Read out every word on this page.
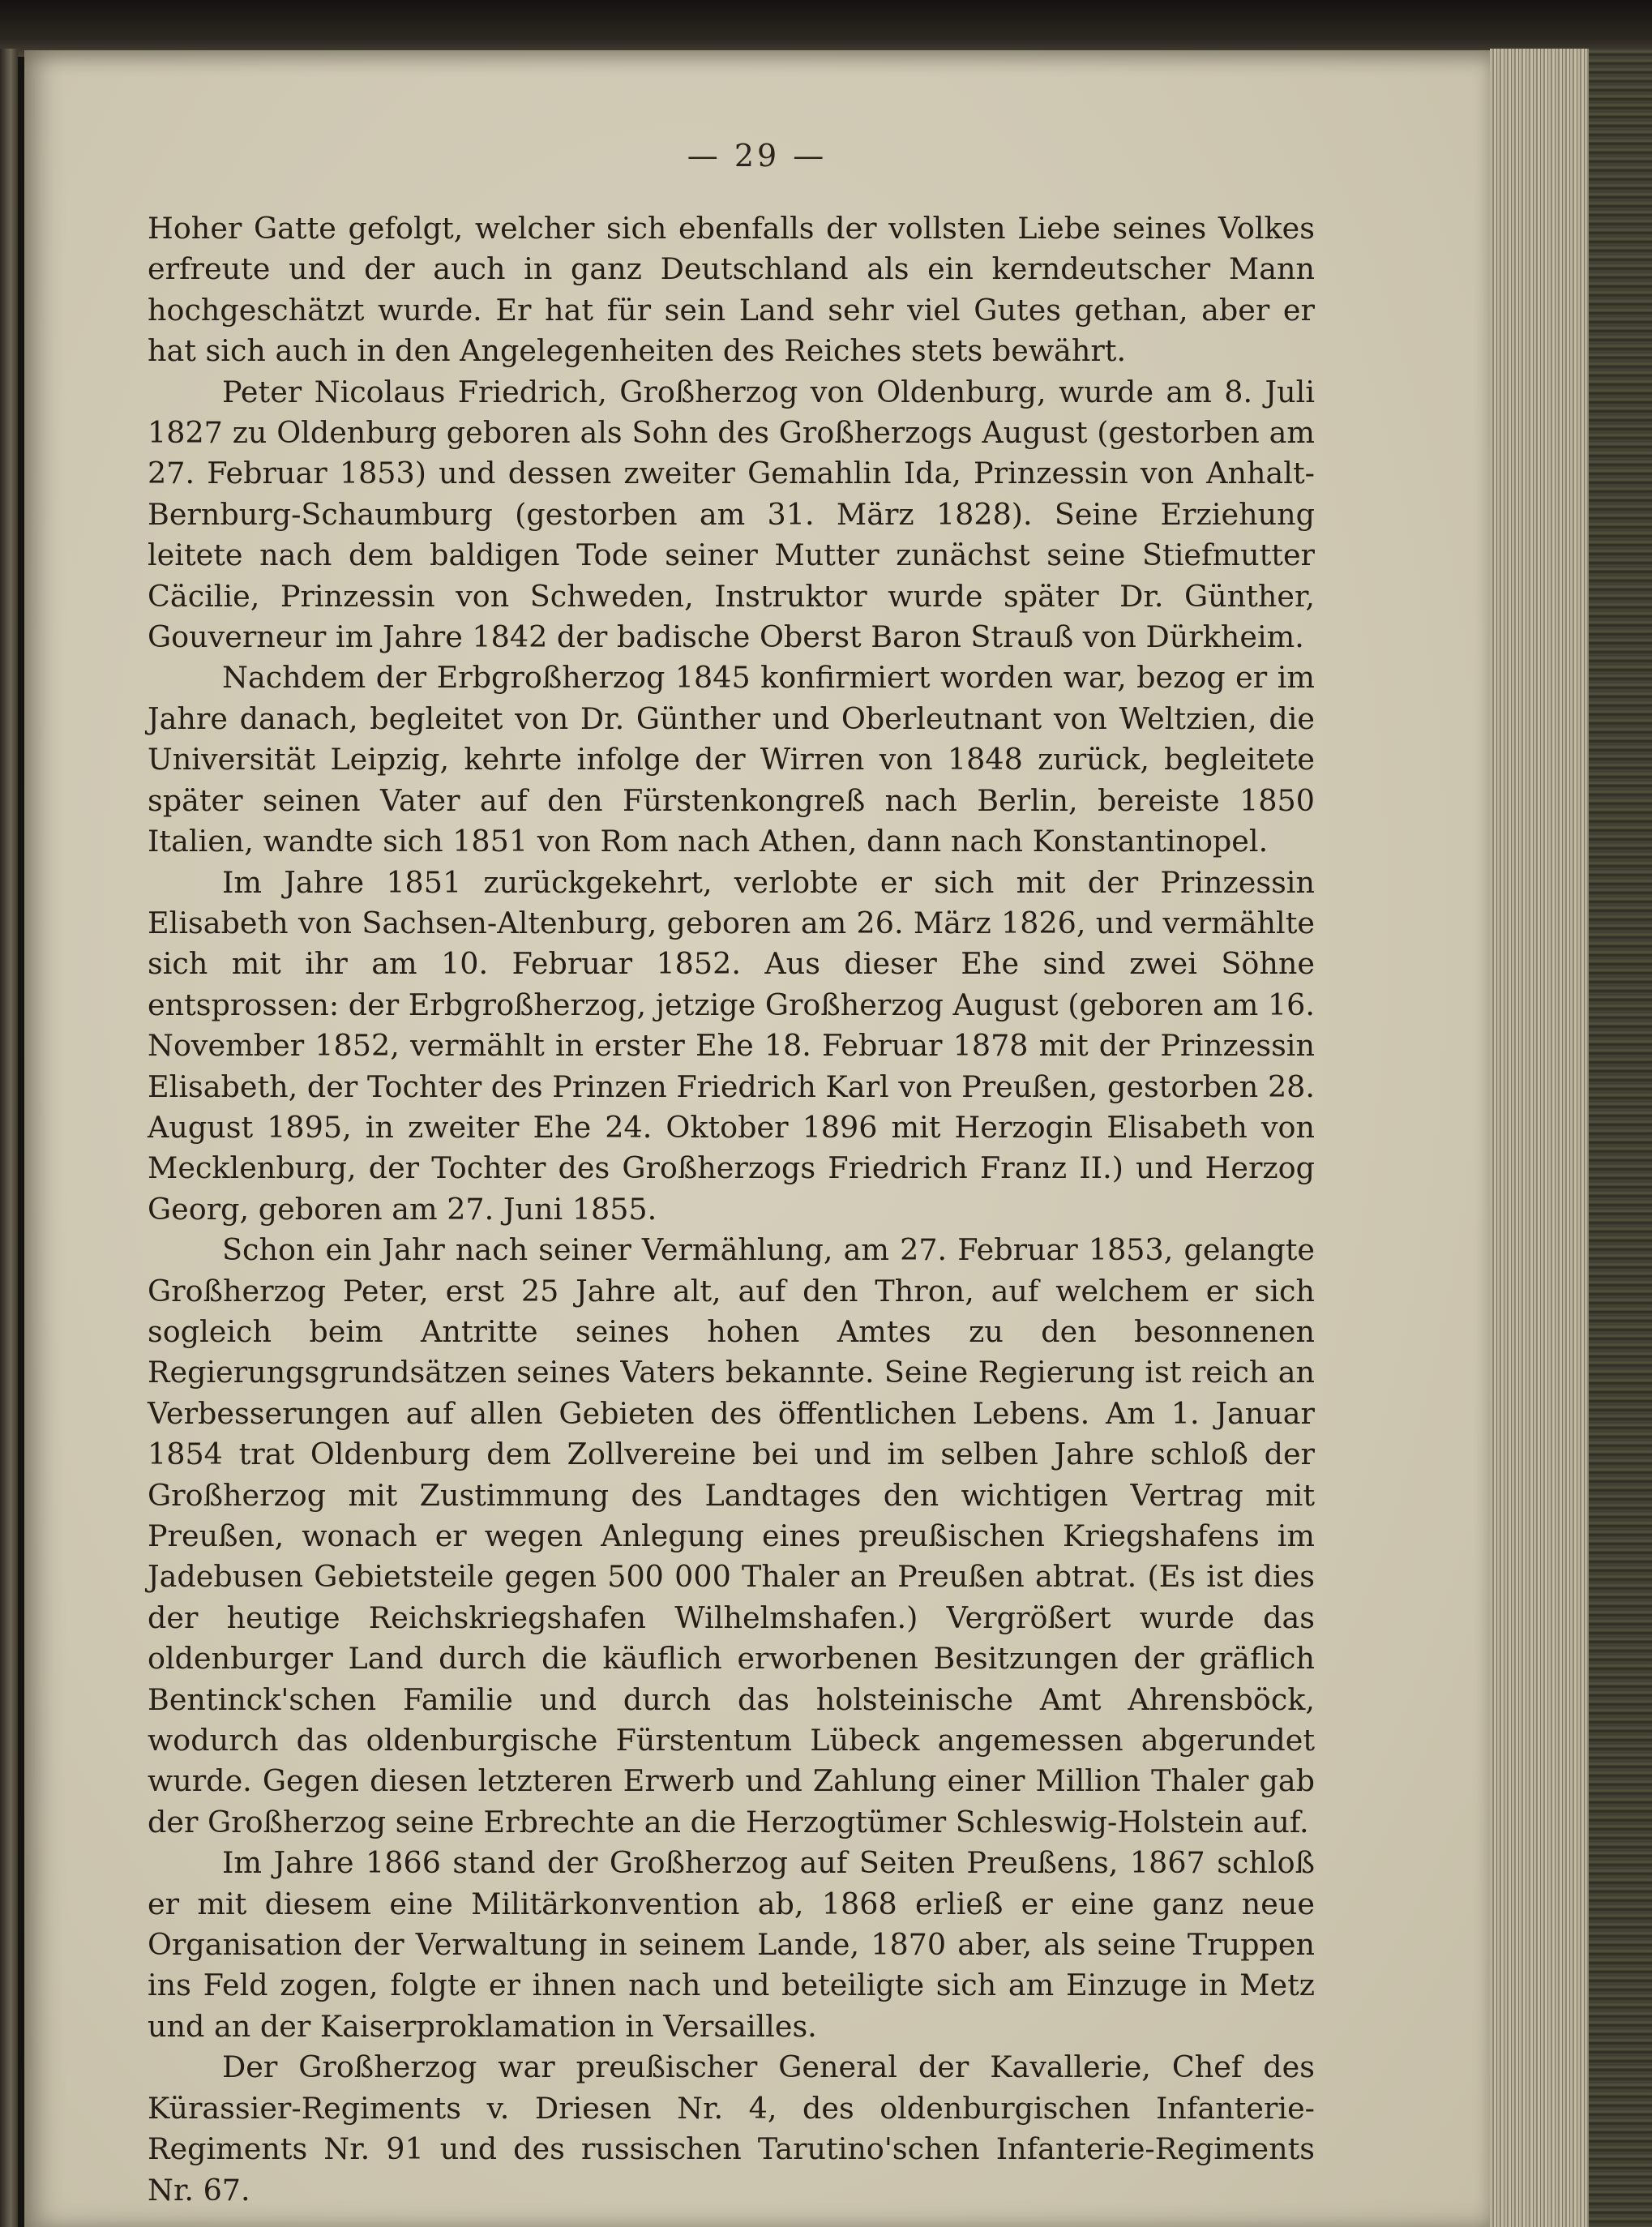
— 29 —

Hoher Gatte gefolgt, welcher sich ebenfalls der vollsten Liebe seines Volkes erfreute und der auch in ganz Deutschland als ein kerndeutscher Mann hochgeschätzt wurde. Er hat für sein Land sehr viel Gutes gethan, aber er hat sich auch in den Angelegenheiten des Reiches stets bewährt.

Peter Nicolaus Friedrich, Großherzog von Oldenburg, wurde am 8. Juli 1827 zu Oldenburg geboren als Sohn des Großherzogs August (gestorben am 27. Februar 1853) und dessen zweiter Gemahlin Ida, Prinzessin von Anhalt-Bernburg-Schaumburg (gestorben am 31. März 1828). Seine Erziehung leitete nach dem baldigen Tode seiner Mutter zunächst seine Stiefmutter Cäcilie, Prinzessin von Schweden, Instruktor wurde später Dr. Günther, Gouverneur im Jahre 1842 der badische Oberst Baron Strauß von Dürkheim.

Nachdem der Erbgroßherzog 1845 konfirmiert worden war, bezog er im Jahre danach, begleitet von Dr. Günther und Oberleutnant von Weltzien, die Universität Leipzig, kehrte infolge der Wirren von 1848 zurück, begleitete später seinen Vater auf den Fürstenkongreß nach Berlin, bereiste 1850 Italien, wandte sich 1851 von Rom nach Athen, dann nach Konstantinopel.

Im Jahre 1851 zurückgekehrt, verlobte er sich mit der Prinzessin Elisabeth von Sachsen-Altenburg, geboren am 26. März 1826, und vermählte sich mit ihr am 10. Februar 1852. Aus dieser Ehe sind zwei Söhne entsprossen: der Erbgroßherzog, jetzige Großherzog August (geboren am 16. November 1852, vermählt in erster Ehe 18. Februar 1878 mit der Prinzessin Elisabeth, der Tochter des Prinzen Friedrich Karl von Preußen, gestorben 28. August 1895, in zweiter Ehe 24. Oktober 1896 mit Herzogin Elisabeth von Mecklenburg, der Tochter des Großherzogs Friedrich Franz II.) und Herzog Georg, geboren am 27. Juni 1855.

Schon ein Jahr nach seiner Vermählung, am 27. Februar 1853, gelangte Großherzog Peter, erst 25 Jahre alt, auf den Thron, auf welchem er sich sogleich beim Antritte seines hohen Amtes zu den besonnenen Regierungsgrundsätzen seines Vaters bekannte. Seine Regierung ist reich an Verbesserungen auf allen Gebieten des öffentlichen Lebens. Am 1. Januar 1854 trat Oldenburg dem Zollvereine bei und im selben Jahre schloß der Großherzog mit Zustimmung des Landtages den wichtigen Vertrag mit Preußen, wonach er wegen Anlegung eines preußischen Kriegshafens im Jadebusen Gebietsteile gegen 500 000 Thaler an Preußen abtrat. (Es ist dies der heutige Reichskriegshafen Wilhelmshafen.) Vergrößert wurde das oldenburger Land durch die käuflich erworbenen Besitzungen der gräflich Bentinck'schen Familie und durch das holsteinische Amt Ahrensböck, wodurch das oldenburgische Fürstentum Lübeck angemessen abgerundet wurde. Gegen diesen letzteren Erwerb und Zahlung einer Million Thaler gab der Großherzog seine Erbrechte an die Herzogtümer Schleswig-Holstein auf.

Im Jahre 1866 stand der Großherzog auf Seiten Preußens, 1867 schloß er mit diesem eine Militärkonvention ab, 1868 erließ er eine ganz neue Organisation der Verwaltung in seinem Lande, 1870 aber, als seine Truppen ins Feld zogen, folgte er ihnen nach und beteiligte sich am Einzuge in Metz und an der Kaiserproklamation in Versailles.

Der Großherzog war preußischer General der Kavallerie, Chef des Kürassier-Regiments v. Driesen Nr. 4, des oldenburgischen Infanterie-Regiments Nr. 91 und des russischen Tarutino'schen Infanterie-Regiments Nr. 67.
